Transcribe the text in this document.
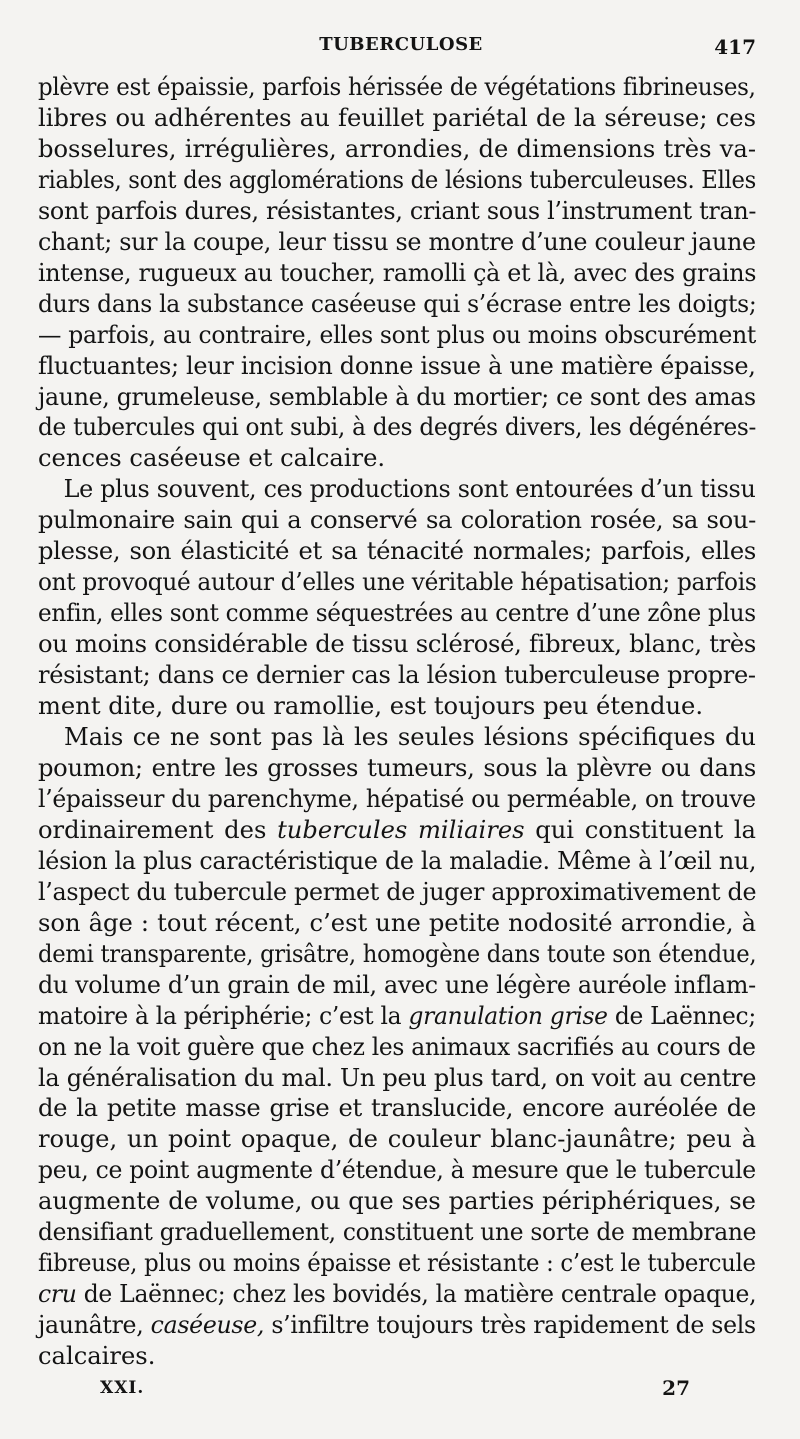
TUBERCULOSE	417
plèvre est épaissie, parfois hérissée de végétations fibrineuses,
libres ou adhérentes au feuillet pariétal de la séreuse; ces
bosselures, irrégulières, arrondies, de dimensions très va-
riables, sont des agglomérations de lésions tuberculeuses. Elles
sont parfois dures, résistantes, criant sous l’instrument tran-
chant; sur la coupe, leur tissu se montre d’une couleur jaune
intense, rugueux au toucher, ramolli çà et là, avec des grains
durs dans la substance caséeuse qui s’écrase entre les doigts;
— parfois, au contraire, elles sont plus ou moins obscurément
fluctuantes; leur incision donne issue à une matière épaisse,
jaune, grumeleuse, semblable à du mortier; ce sont des amas
de tubercules qui ont subi, à des degrés divers, les dégénéres-
cences caséeuse et calcaire.
Le plus souvent, ces productions sont entourées d’un tissu
pulmonaire sain qui a conservé sa coloration rosée, sa sou-
plesse, son élasticité et sa ténacité normales; parfois, elles
ont provoqué autour d’elles une véritable hépatisation; parfois
enfin, elles sont comme séquestrées au centre d’une zône plus
ou moins considérable de tissu sclérosé, fibreux, blanc, très
résistant; dans ce dernier cas la lésion tuberculeuse propre-
ment dite, dure ou ramollie, est toujours peu étendue.
Mais ce ne sont pas là les seules lésions spécifiques du
poumon; entre les grosses tumeurs, sous la plèvre ou dans
l’épaisseur du parenchyme, hépatisé ou perméable, on trouve
ordinairement des tubercules miliaires qui constituent la
lésion la plus caractéristique de la maladie. Même à l’œil nu,
l’aspect du tubercule permet de juger approximativement de
son âge : tout récent, c’est une petite nodosité arrondie, à
demi transparente, grisâtre, homogène dans toute son étendue,
du volume d’un grain de mil, avec une légère auréole inflam-
matoire à la périphérie; c’est la granulation grise de Laënnec;
on ne la voit guère que chez les animaux sacrifiés au cours de
la généralisation du mal. Un peu plus tard, on voit au centre
de la petite masse grise et translucide, encore auréolée de
rouge, un point opaque, de couleur blanc-jaunâtre; peu à
peu, ce point augmente d’étendue, à mesure que le tubercule
augmente de volume, ou que ses parties périphériques, se
densifiant graduellement, constituent une sorte de membrane
fibreuse, plus ou moins épaisse et résistante : c’est le tubercule
cru de Laënnec; chez les bovidés, la matière centrale opaque,
jaunâtre, caséeuse, s’infiltre toujours très rapidement de sels
calcaires.
XXI.	27
